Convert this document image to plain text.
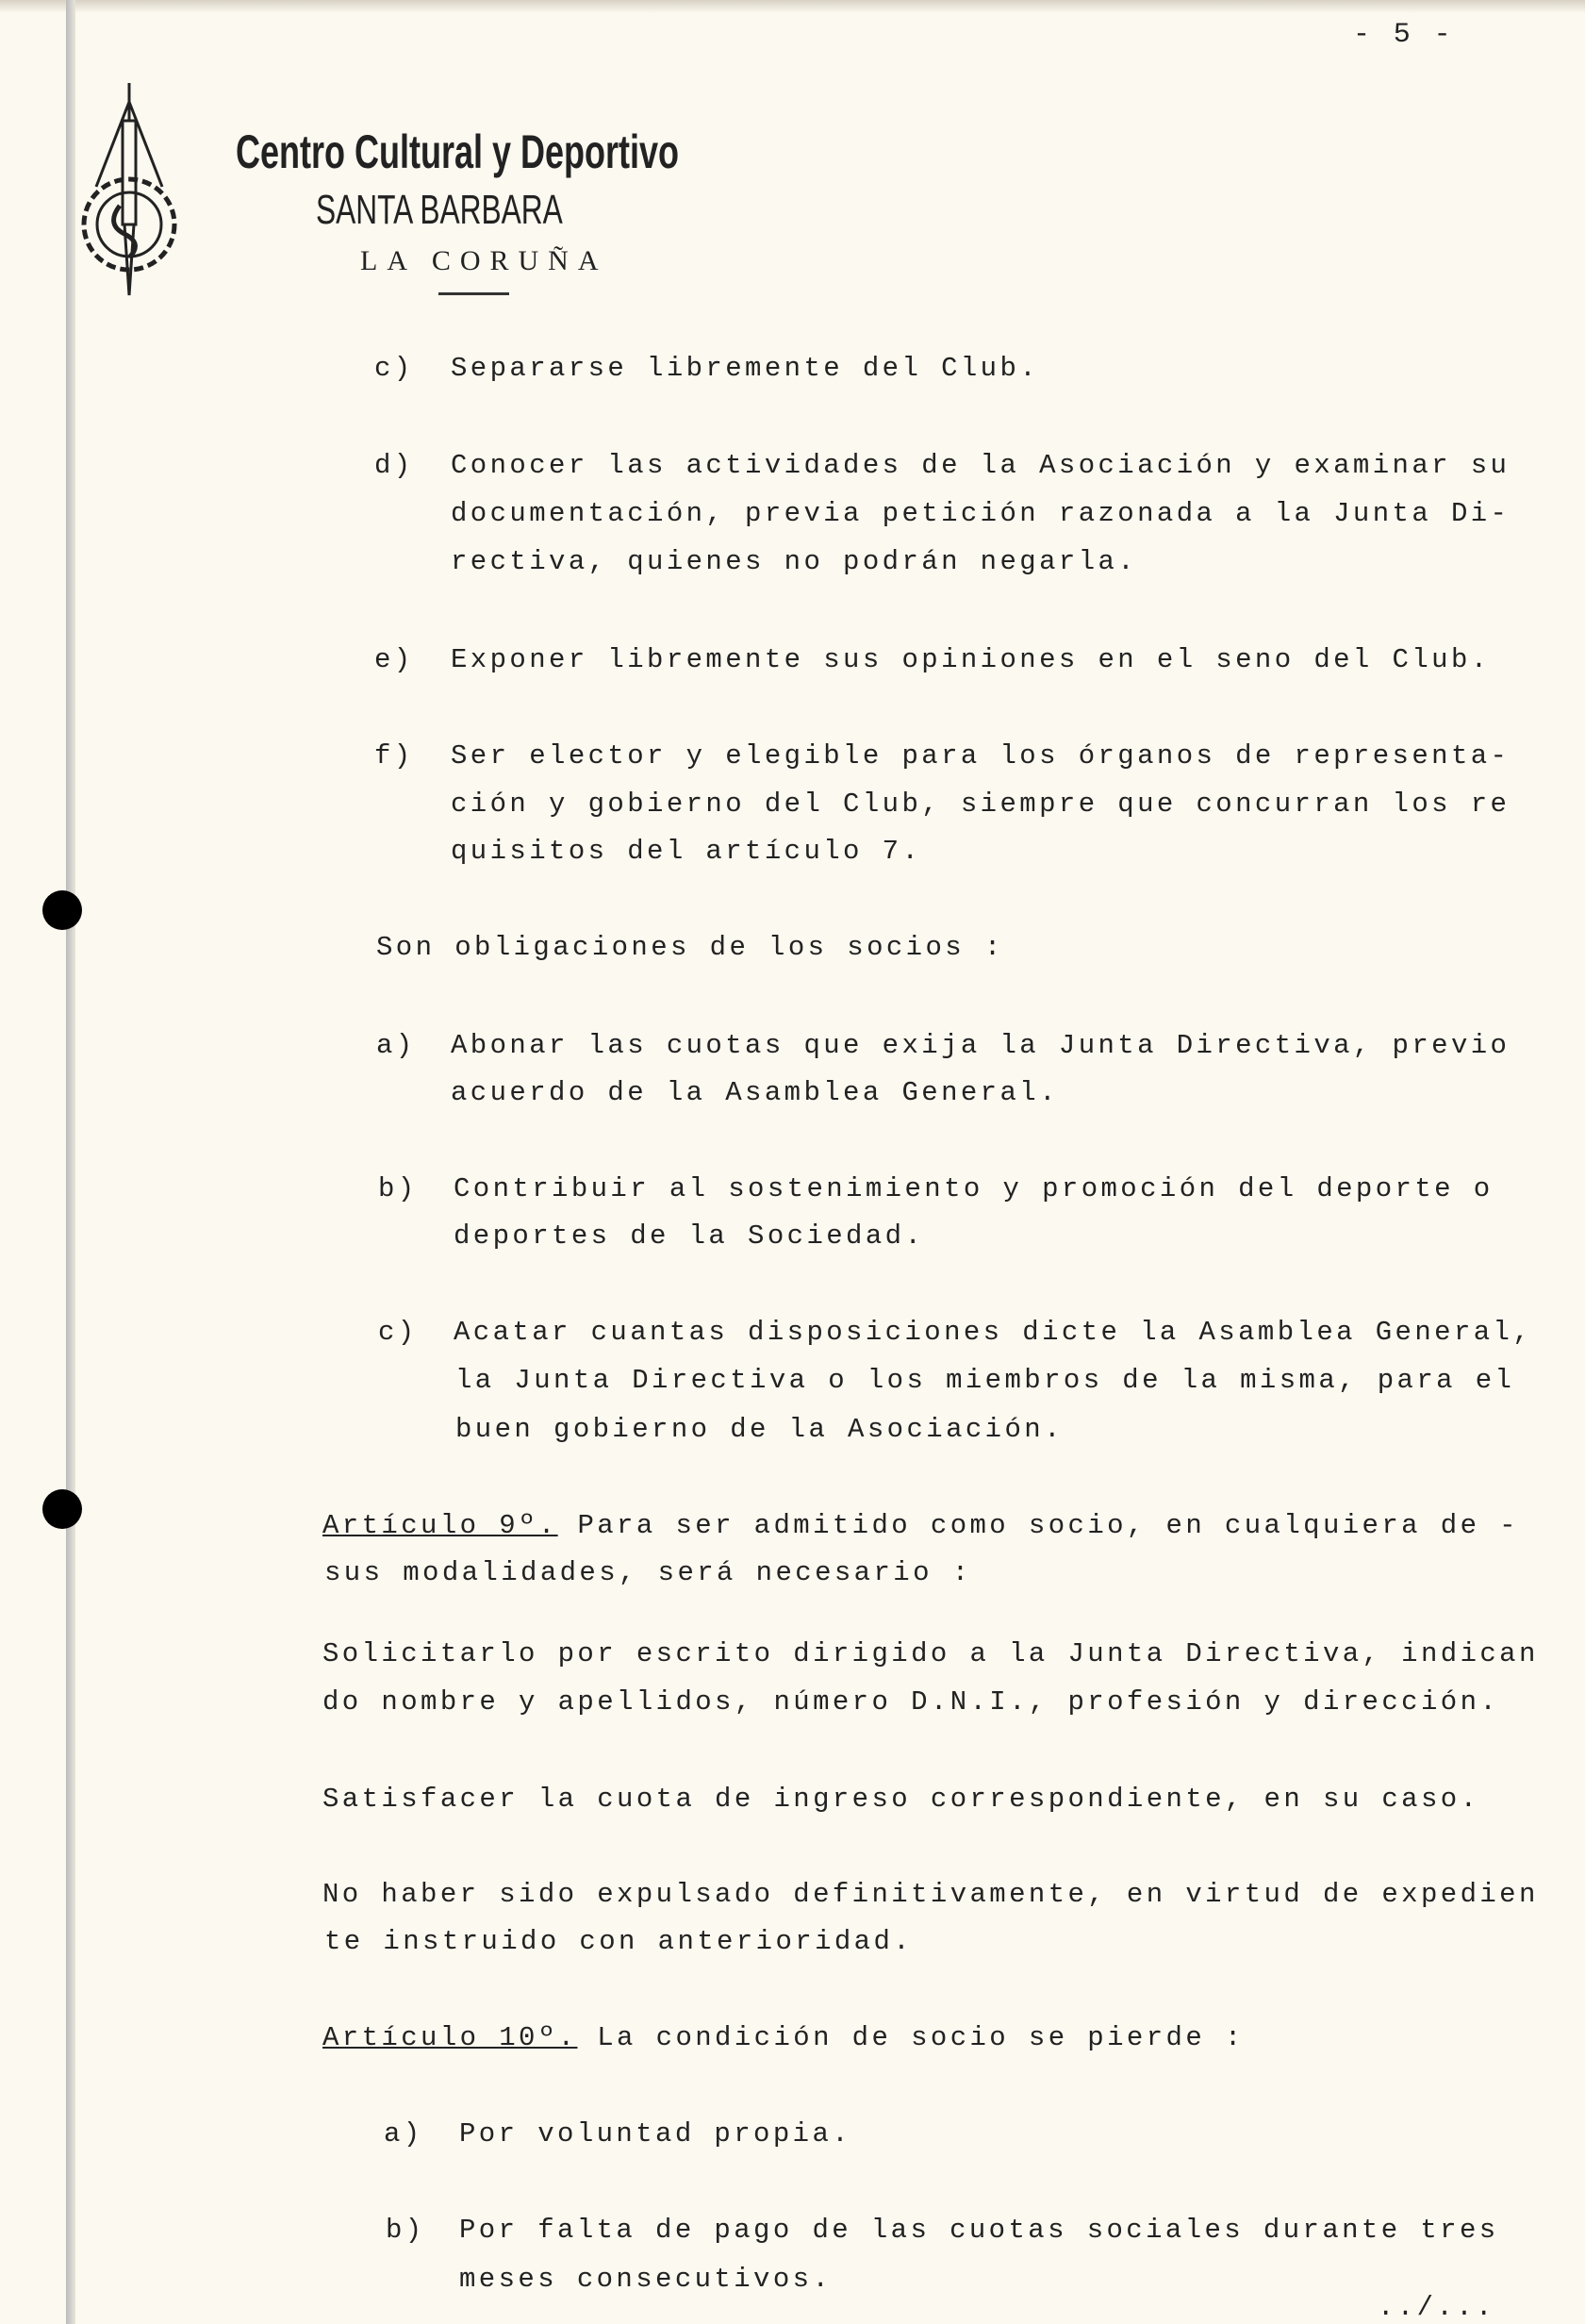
- 5 -
Centro Cultural y Deportivo
SANTA BARBARA
LA CORUÑA
c) Separarse libremente del Club.
d) Conocer las actividades de la Asociación y examinar su
documentación, previa petición razonada a la Junta Di-
rectiva, quienes no podrán negarla.
e) Exponer libremente sus opiniones en el seno del Club.
f) Ser elector y elegible para los órganos de representa-
ción y gobierno del Club, siempre que concurran los re
quisitos del artículo 7.
Son obligaciones de los socios :
a) Abonar las cuotas que exija la Junta Directiva, previo
acuerdo de la Asamblea General.
b) Contribuir al sostenimiento y promoción del deporte o
deportes de la Sociedad.
c) Acatar cuantas disposiciones dicte la Asamblea General,
la Junta Directiva o los miembros de la misma, para el
buen gobierno de la Asociación.
Artículo 9º. Para ser admitido como socio, en cualquiera de -
sus modalidades, será necesario :
Solicitarlo por escrito dirigido a la Junta Directiva, indican
do nombre y apellidos, número D.N.I., profesión y dirección.
Satisfacer la cuota de ingreso correspondiente, en su caso.
No haber sido expulsado definitivamente, en virtud de expedien
te instruido con anterioridad.
Artículo 10º. La condición de socio se pierde :
a) Por voluntad propia.
b) Por falta de pago de las cuotas sociales durante tres
meses consecutivos.
../...
